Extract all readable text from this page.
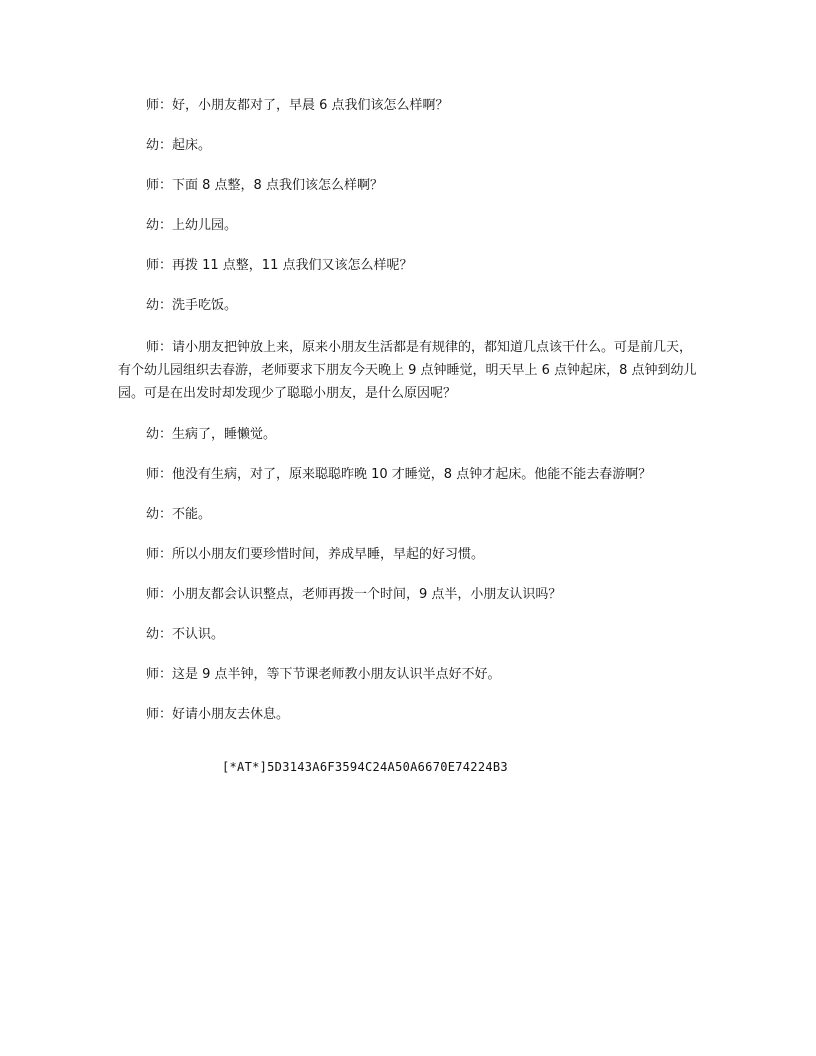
师：好，小朋友都对了，早晨 6 点我们该怎么样啊？

幼：起床。

师：下面 8 点整，8 点我们该怎么样啊？

幼：上幼儿园。

师：再拨 11 点整，11 点我们又该怎么样呢？

幼：洗手吃饭。

师：请小朋友把钟放上来，原来小朋友生活都是有规律的，都知道几点该干什么。可是前几天，有个幼儿园组织去春游，老师要求下朋友今天晚上 9 点钟睡觉，明天早上 6 点钟起床，8 点钟到幼儿园。可是在出发时却发现少了聪聪小朋友，是什么原因呢？

幼：生病了，睡懒觉。

师：他没有生病，对了，原来聪聪昨晚 10 才睡觉，8 点钟才起床。他能不能去春游啊？

幼：不能。

师：所以小朋友们要珍惜时间，养成早睡，早起的好习惯。

师：小朋友都会认识整点，老师再拨一个时间，9 点半，小朋友认识吗？

幼：不认识。

师：这是 9 点半钟，等下节课老师教小朋友认识半点好不好。

师：好请小朋友去休息。

[*AT*]5D3143A6F3594C24A50A6670E74224B3
